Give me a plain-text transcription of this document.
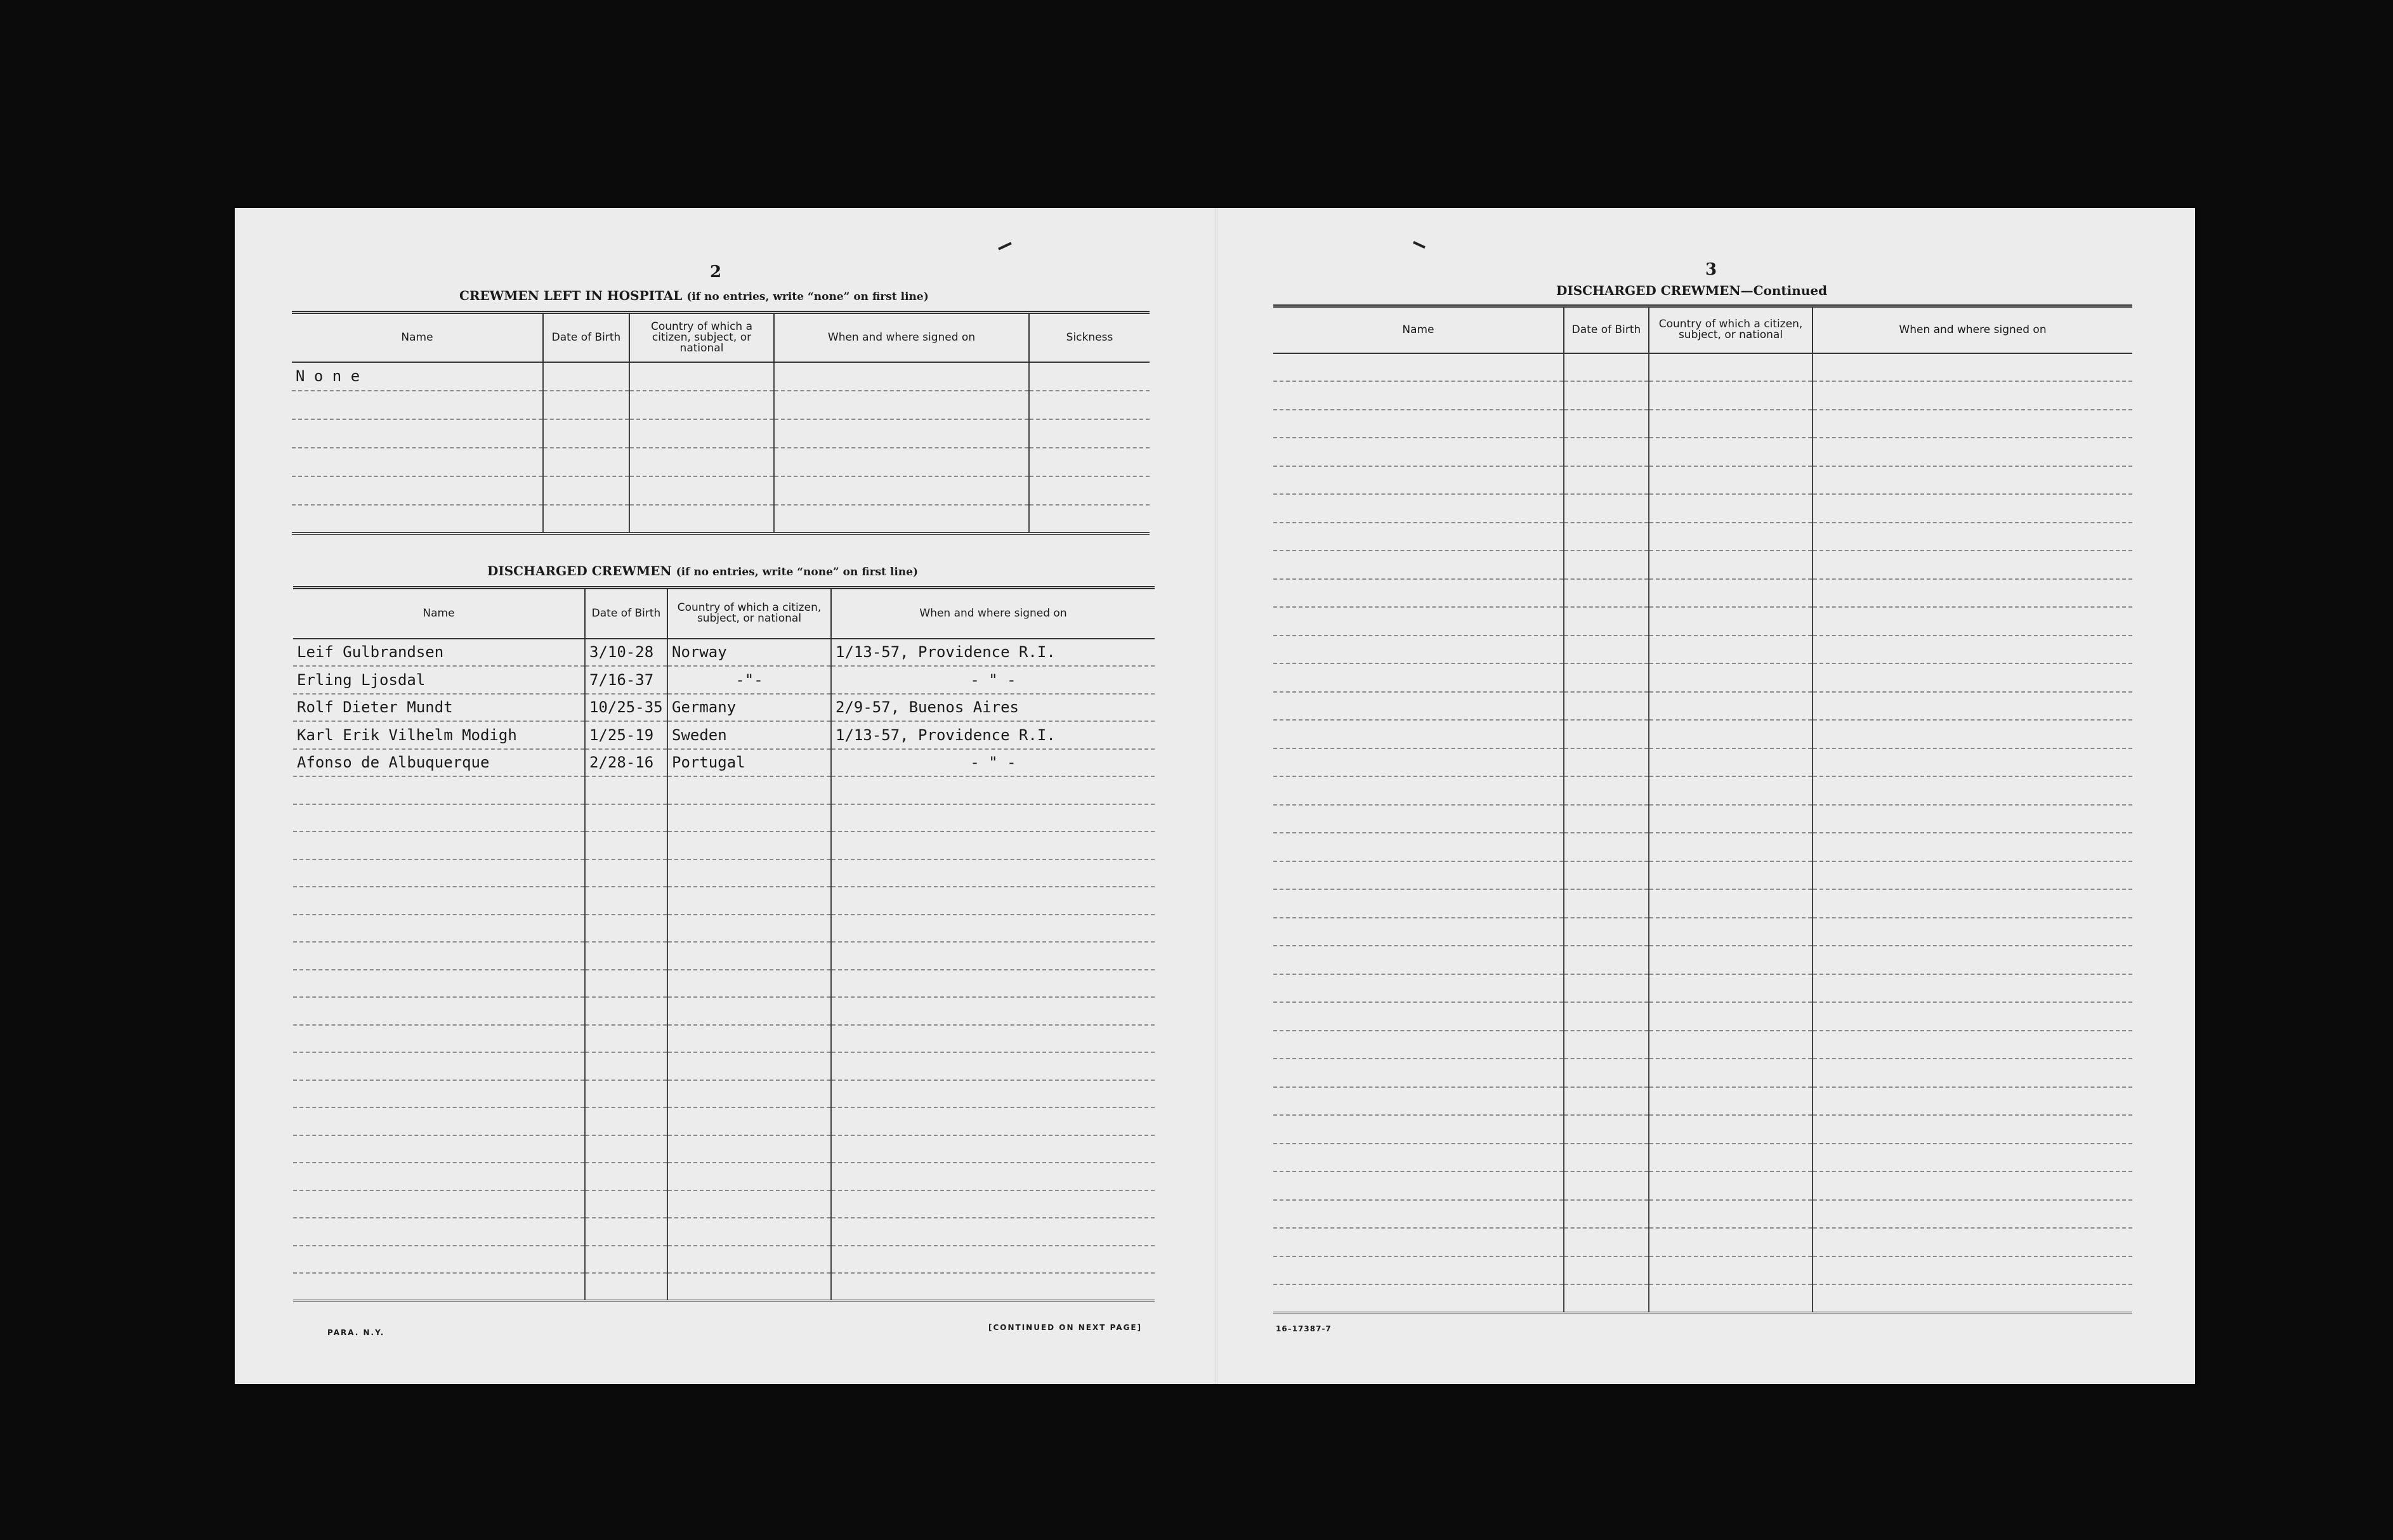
2
CREWMEN LEFT IN HOSPITAL (if no entries, write “none” on first line)
Name	Date of Birth	Country of which a citizen, subject, or national	When and where signed on	Sickness
N o n e				

DISCHARGED CREWMEN (if no entries, write “none” on first line)
Name	Date of Birth	Country of which a citizen, subject, or national	When and where signed on
Leif Gulbrandsen	3/10-28	Norway	1/13-57, Providence R.I.
Erling Ljosdal	7/16-37	-"-	- " -
Rolf Dieter Mundt	10/25-35	Germany	2/9-57, Buenos Aires
Karl Erik Vilhelm Modigh	1/25-19	Sweden	1/13-57, Providence R.I.
Afonso de Albuquerque	2/28-16	Portugal	- " -

PARA. N.Y.
[CONTINUED ON NEXT PAGE]
3
DISCHARGED CREWMEN—Continued
Name	Date of Birth	Country of which a citizen, subject, or national	When and where signed on

16–17387-7
